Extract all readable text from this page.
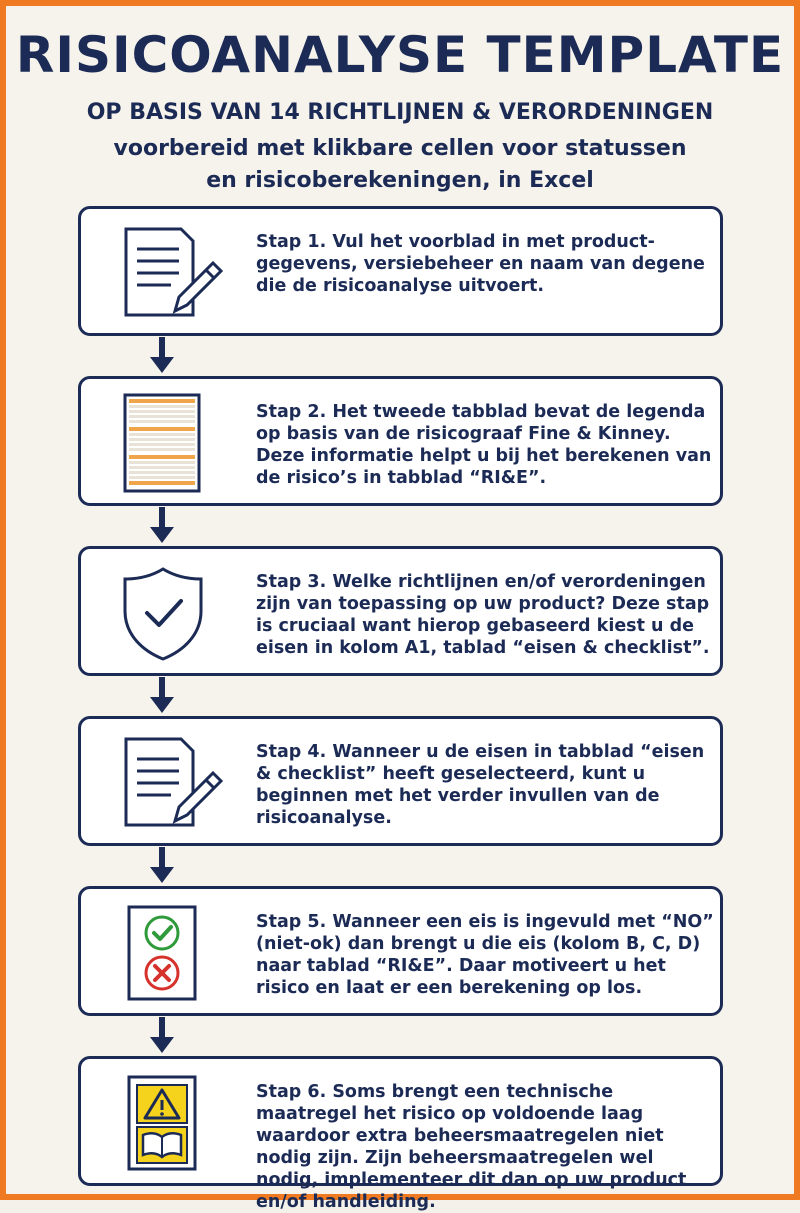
RISICOANALYSE TEMPLATE
OP BASIS VAN 14 RICHTLIJNEN & VERORDENINGEN
voorbereid met klikbare cellen voor statussen
en risicoberekeningen, in Excel
Stap 1. Vul het voorblad in met product-gegevens, versiebeheer en naam van degene die de risicoanalyse uitvoert.
Stap 2. Het tweede tabblad bevat de legenda op basis van de risicograaf Fine & Kinney. Deze informatie helpt u bij het berekenen van de risico’s in tabblad “RI&E”.
Stap 3. Welke richtlijnen en/of verordeningen zijn van toepassing op uw product? Deze stap is cruciaal want hierop gebaseerd kiest u de eisen in kolom A1, tablad “eisen & checklist”.
Stap 4. Wanneer u de eisen in tabblad “eisen & checklist” heeft geselecteerd, kunt u beginnen met het verder invullen van de risicoanalyse.
Stap 5. Wanneer een eis is ingevuld met “NO” (niet-ok) dan brengt u die eis (kolom B, C, D) naar tablad “RI&E”. Daar motiveert u het risico en laat er een berekening op los.
Stap 6. Soms brengt een technische maatregel het risico op voldoende laag waardoor extra beheersmaatregelen niet nodig zijn. Zijn beheersmaatregelen wel nodig, implementeer dit dan op uw product en/of handleiding.
